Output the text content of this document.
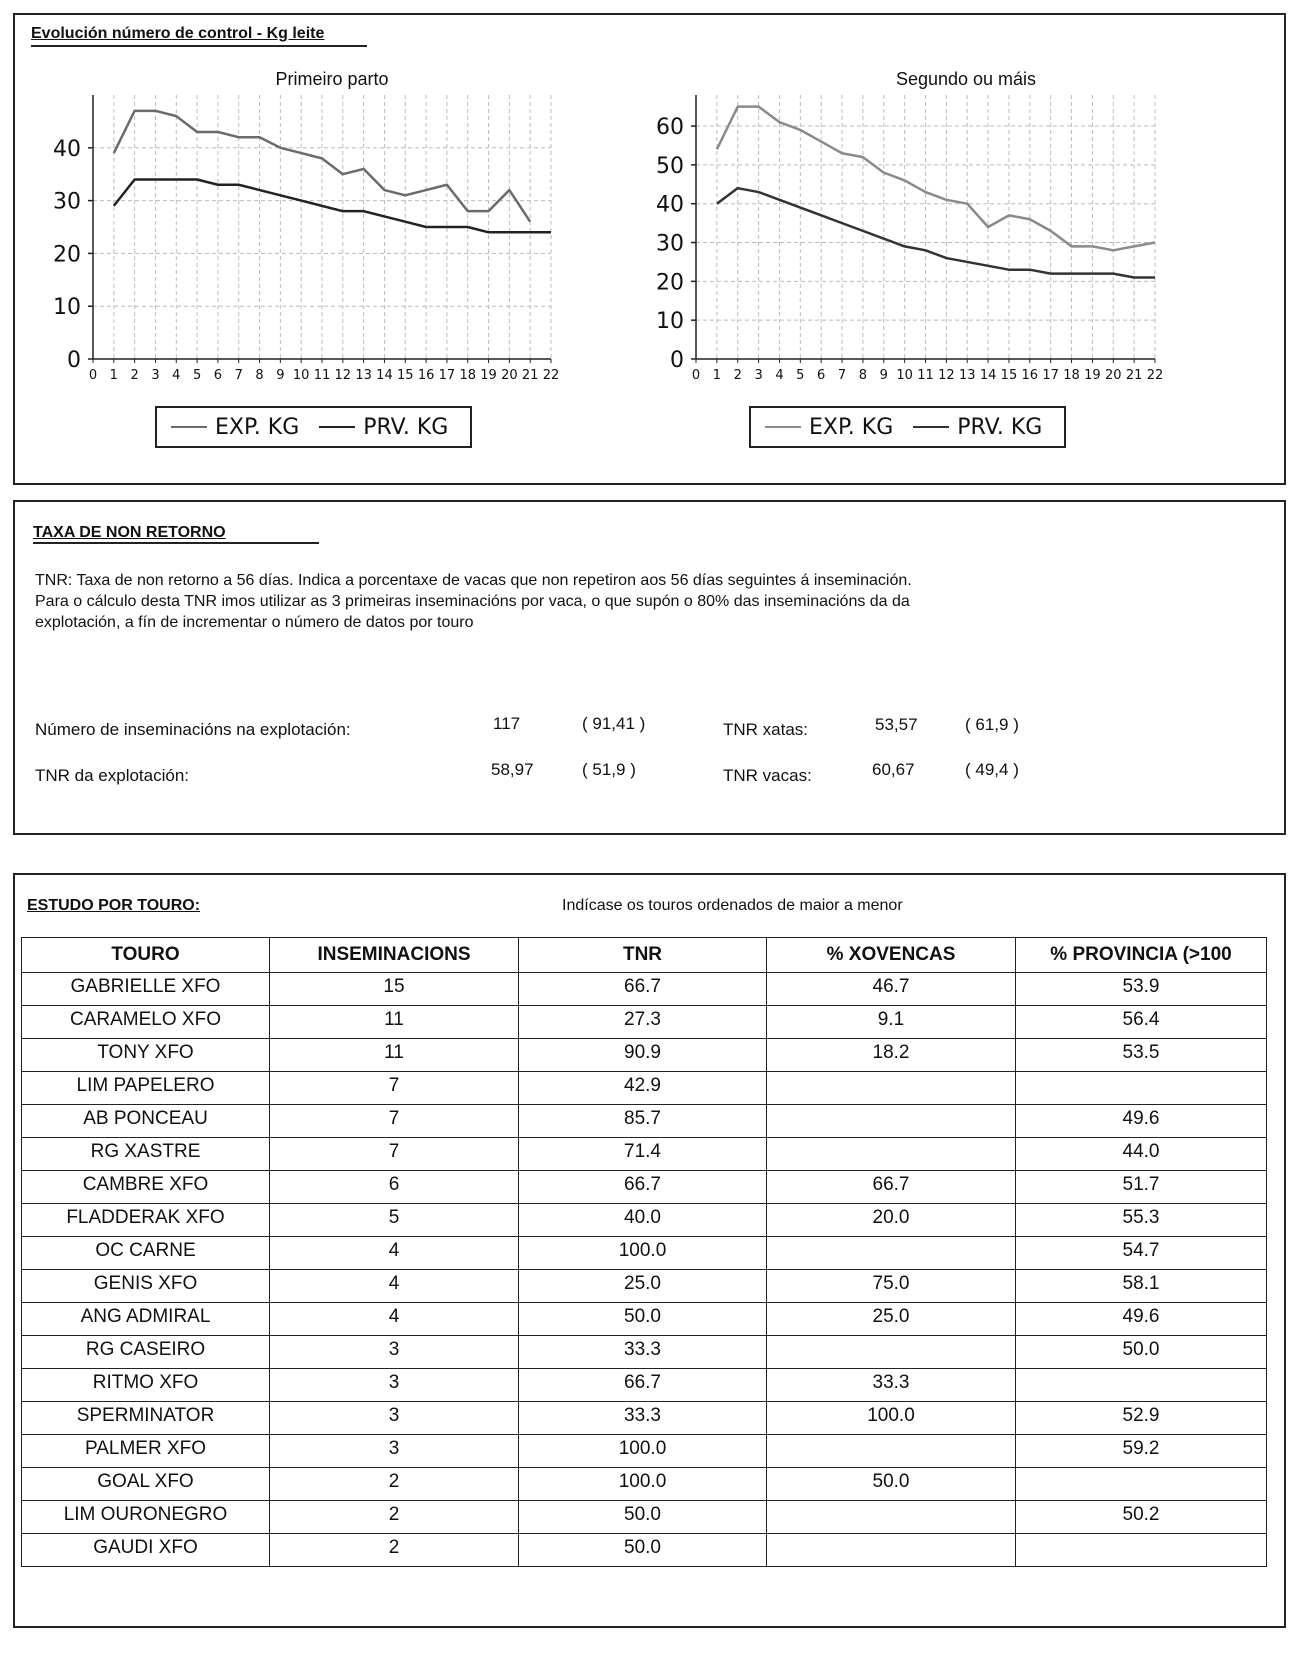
Evolución número de control - Kg leite
Primeiro parto
0
10
20
30
40
0 1 2 3 4 5 6 7 8 9 10 11 12 13 14 15 16 17 18 19 20 21 22
EXP. KG	PRV. KG
Segundo ou máis
0
10
20
30
40
50
60
0 1 2 3 4 5 6 7 8 9 10 11 12 13 14 15 16 17 18 19 20 21 22
EXP. KG	PRV. KG
TAXA DE NON RETORNO
TNR: Taxa de non retorno a 56 días. Indica a porcentaxe de vacas que non repetiron aos 56 días seguintes á inseminación.
Para o cálculo desta TNR imos utilizar as 3 primeiras inseminacións por vaca, o que supón o 80% das inseminacións da da
explotación, a fín de incrementar o número de datos por touro
Número de inseminacións na explotación:	117	( 91,41 )
TNR da explotación:	58,97	( 51,9 )
TNR xatas:	53,57	( 61,9 )
TNR vacas:	60,67	( 49,4 )
ESTUDO POR TOURO:	Indícase os touros ordenados de maior a menor
TOURO	INSEMINACIONS	TNR	% XOVENCAS	% PROVINCIA (>100
GABRIELLE XFO	15	66.7	46.7	53.9
CARAMELO XFO	11	27.3	9.1	56.4
TONY XFO	11	90.9	18.2	53.5
LIM PAPELERO	7	42.9		
AB PONCEAU	7	85.7		49.6
RG XASTRE	7	71.4		44.0
CAMBRE XFO	6	66.7	66.7	51.7
FLADDERAK XFO	5	40.0	20.0	55.3
OC CARNE	4	100.0		54.7
GENIS XFO	4	25.0	75.0	58.1
ANG ADMIRAL	4	50.0	25.0	49.6
RG CASEIRO	3	33.3		50.0
RITMO XFO	3	66.7	33.3	
SPERMINATOR	3	33.3	100.0	52.9
PALMER XFO	3	100.0		59.2
GOAL XFO	2	100.0	50.0	
LIM OURONEGRO	2	50.0		50.2
GAUDI XFO	2	50.0		
